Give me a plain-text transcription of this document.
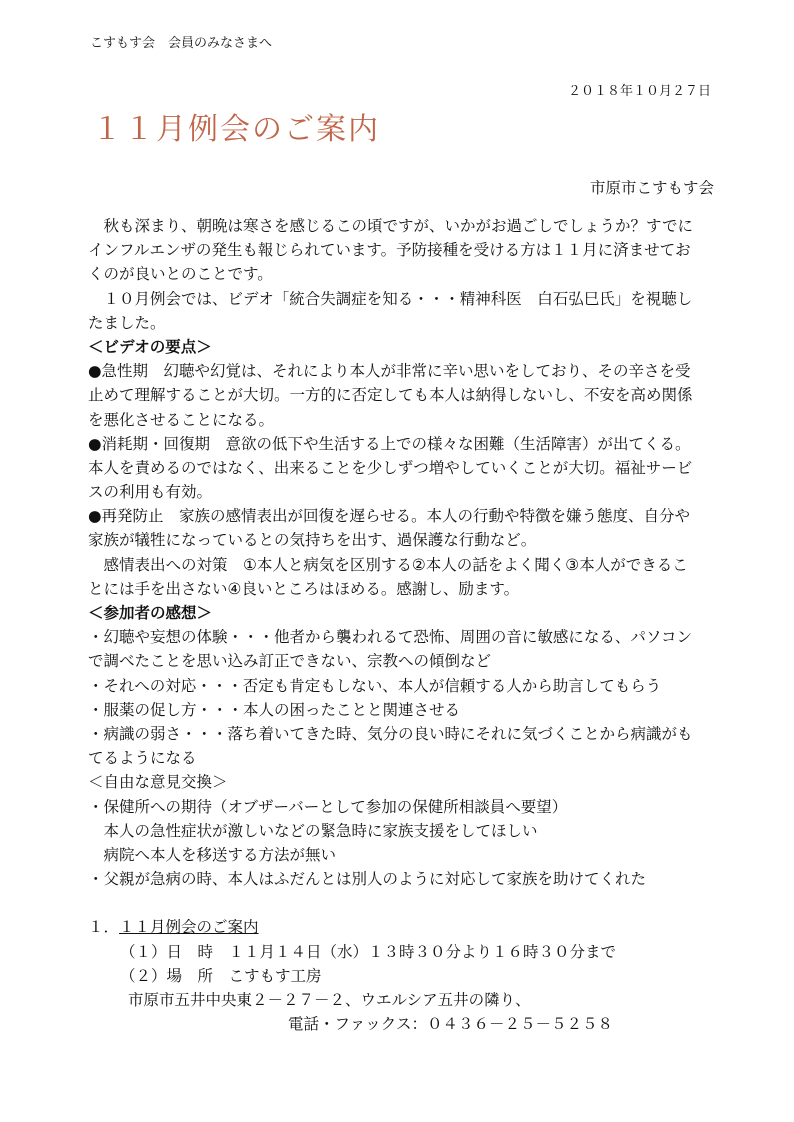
こすもす会　会員のみなさまへ
２０１８年１０月２７日
１１月例会のご案内
市原市こすもす会
　秋も深まり、朝晩は寒さを感じるこの頃ですが、いかがお過ごしでしょうか？すでに
インフルエンザの発生も報じられています。予防接種を受ける方は１１月に済ませてお
くのが良いとのことです。
　１０月例会では、ビデオ「統合失調症を知る・・・精神科医　白石弘巳氏」を視聴し
たました。
＜ビデオの要点＞
●急性期　幻聴や幻覚は、それにより本人が非常に辛い思いをしており、その辛さを受
止めて理解することが大切。一方的に否定しても本人は納得しないし、不安を高め関係
を悪化させることになる。
●消耗期・回復期　意欲の低下や生活する上での様々な困難（生活障害）が出てくる。
本人を責めるのではなく、出来ることを少しずつ増やしていくことが大切。福祉サービ
スの利用も有効。
●再発防止　家族の感情表出が回復を遅らせる。本人の行動や特徴を嫌う態度、自分や
家族が犠牲になっているとの気持ちを出す、過保護な行動など。
　感情表出への対策　①本人と病気を区別する②本人の話をよく聞く③本人ができるこ
とには手を出さない④良いところはほめる。感謝し、励ます。
＜参加者の感想＞
・幻聴や妄想の体験・・・他者から襲われるて恐怖、周囲の音に敏感になる、パソコン
で調べたことを思い込み訂正できない、宗教への傾倒など
・それへの対応・・・否定も肯定もしない、本人が信頼する人から助言してもらう
・服薬の促し方・・・本人の困ったことと関連させる
・病識の弱さ・・・落ち着いてきた時、気分の良い時にそれに気づくことから病識がも
てるようになる
＜自由な意見交換＞
・保健所への期待（オブザーバーとして参加の保健所相談員へ要望）
　本人の急性症状が激しいなどの緊急時に家族支援をしてほしい
　病院へ本人を移送する方法が無い
・父親が急病の時、本人はふだんとは別人のように対応して家族を助けてくれた
１．１１月例会のご案内
（１）日　時　１１月１４日（水）１３時３０分より１６時３０分まで
（２）場　所　こすもす工房
市原市五井中央東２－２７－２、ウエルシア五井の隣り、
電話・ファックス：０４３６－２５－５２５８
